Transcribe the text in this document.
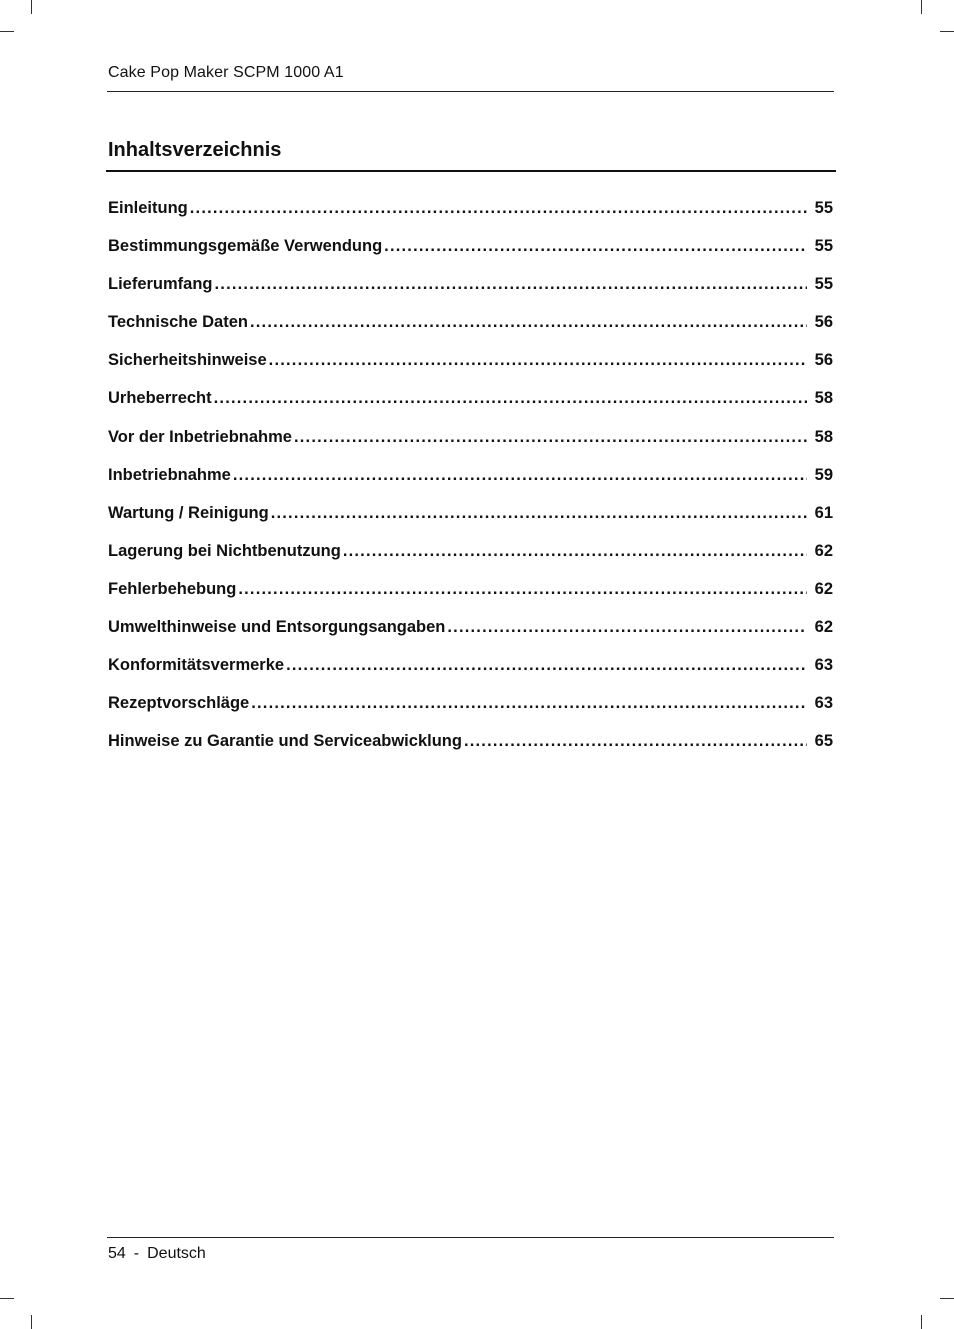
Cake Pop Maker SCPM 1000 A1
Inhaltsverzeichnis
Einleitung .....	55
Bestimmungsgemäße Verwendung .....	55
Lieferumfang .....	55
Technische Daten .....	56
Sicherheitshinweise .....	56
Urheberrecht .....	58
Vor der Inbetriebnahme .....	58
Inbetriebnahme .....	59
Wartung / Reinigung .....	61
Lagerung bei Nichtbenutzung .....	62
Fehlerbehebung .....	62
Umwelthinweise und Entsorgungsangaben .....	62
Konformitätsvermerke .....	63
Rezeptvorschläge .....	63
Hinweise zu Garantie und Serviceabwicklung .....	65
54 - Deutsch
